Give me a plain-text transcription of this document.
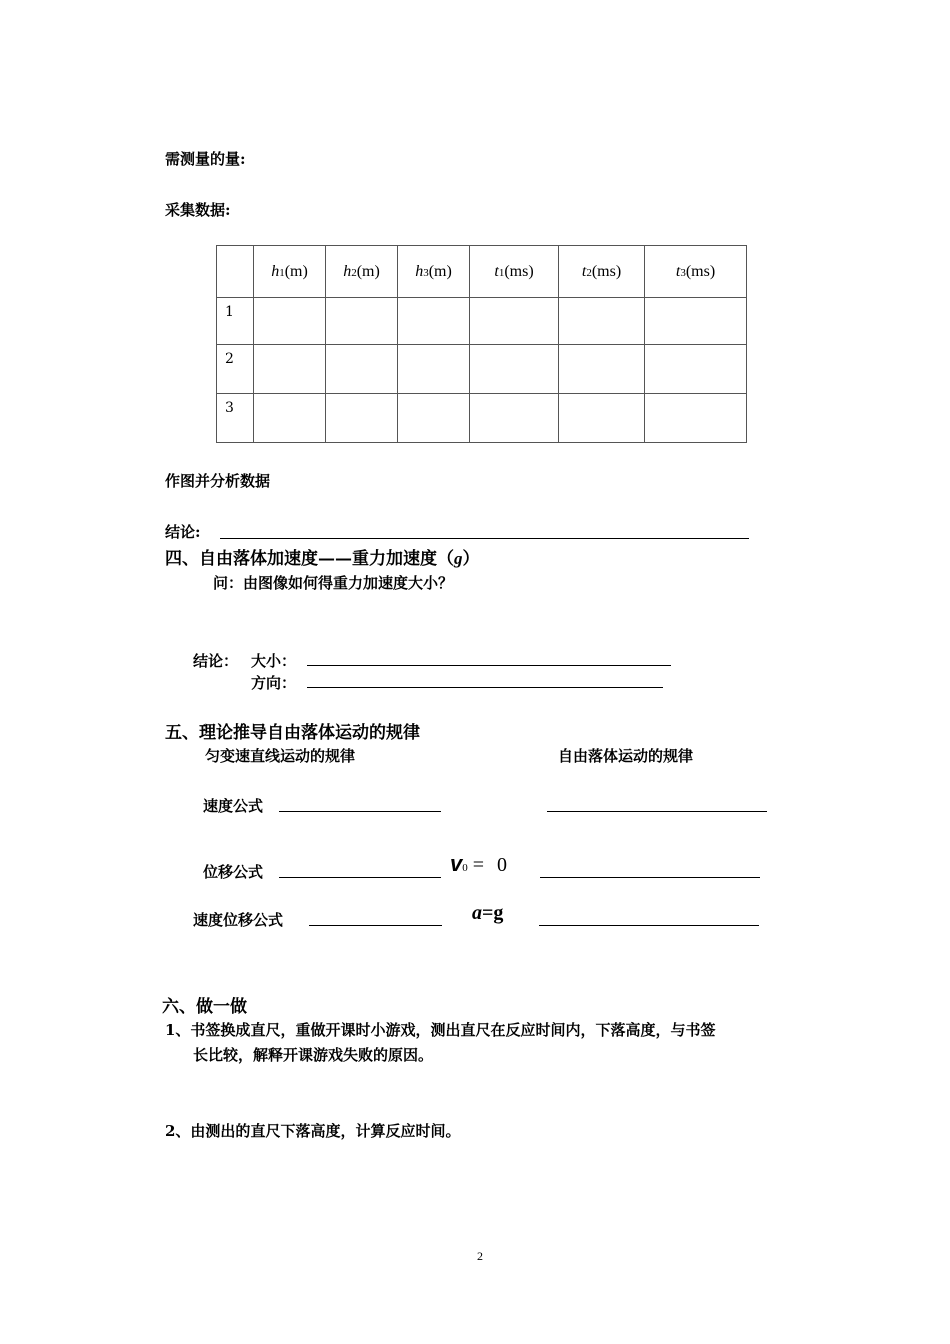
需测量的量:
采集数据:
	h1(m)	h2(m)	h3(m)	t1(ms)	t2(ms)	t3(ms)
1						
2						
3						
作图并分析数据
结论:
四、自由落体加速度——重力加速度（g）
问：由图像如何得重力加速度大小？
结论： 大小：
方向：
五、理论推导自由落体运动的规律
匀变速直线运动的规律	自由落体运动的规律
速度公式
位移公式	v0 = 0
速度位移公式	a=g
六、做一做
1、书签换成直尺，重做开课时小游戏，测出直尺在反应时间内，下落高度，与书签
长比较，解释开课游戏失败的原因。
2、由测出的直尺下落高度，计算反应时间。
2
